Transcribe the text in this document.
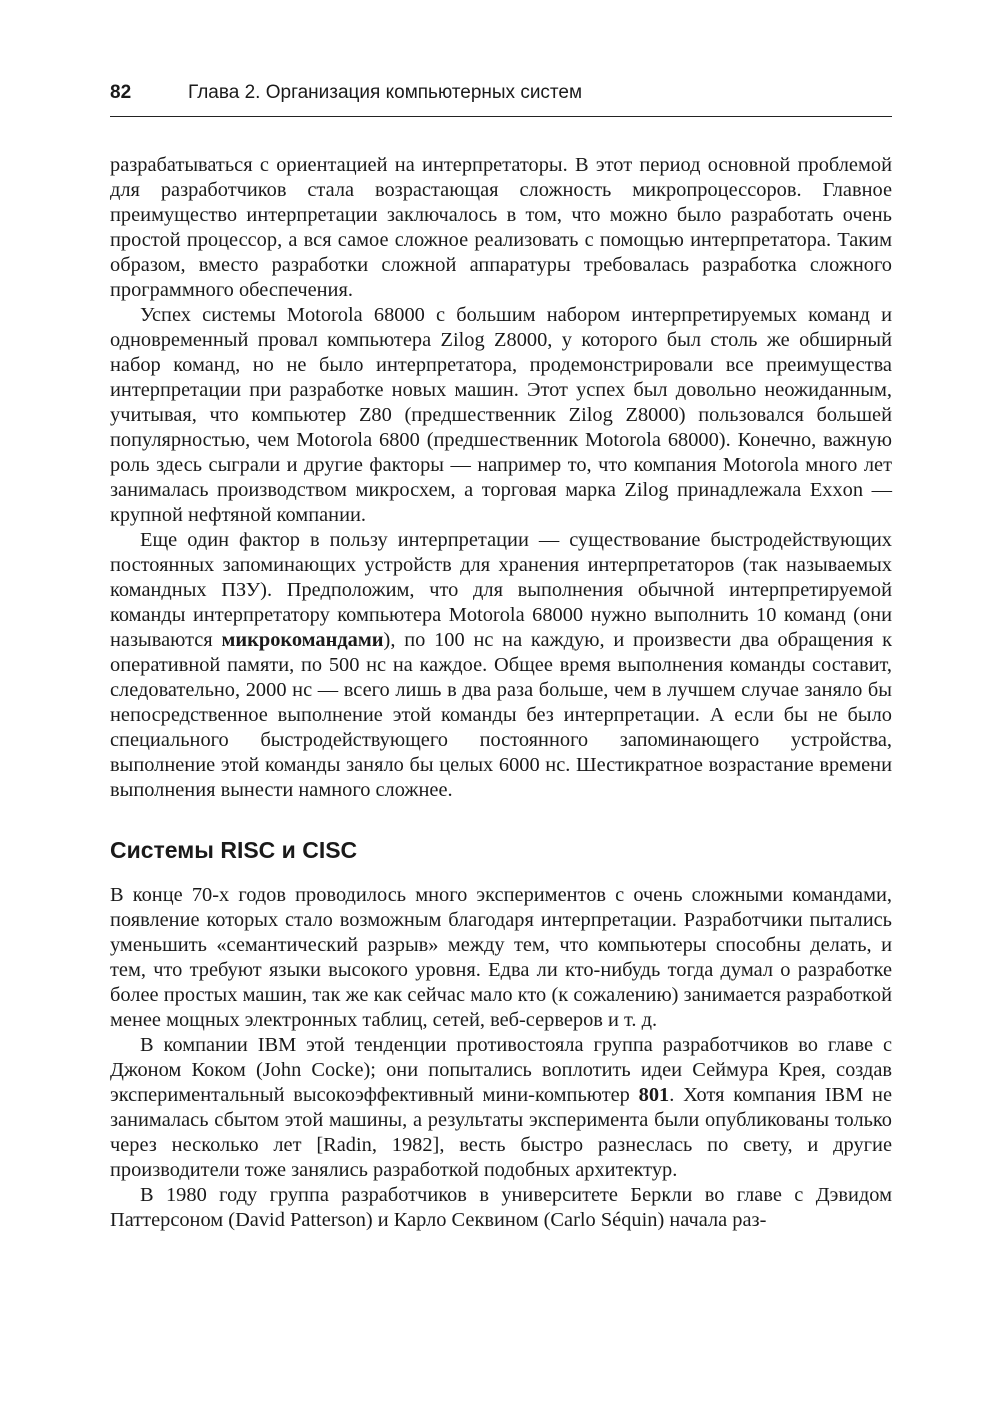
82	Глава 2. Организация компьютерных систем

разрабатываться с ориентацией на интерпретаторы. В этот период основной проблемой для разработчиков стала возрастающая сложность микропроцессоров. Главное преимущество интерпретации заключалось в том, что можно было разработать очень простой процессор, а вся самое сложное реализовать с помощью интерпретатора. Таким образом, вместо разработки сложной аппаратуры требовалась разработка сложного программного обеспечения.

Успех системы Motorola 68000 с большим набором интерпретируемых команд и одновременный провал компьютера Zilog Z8000, у которого был столь же обширный набор команд, но не было интерпретатора, продемонстрировали все преимущества интерпретации при разработке новых машин. Этот успех был довольно неожиданным, учитывая, что компьютер Z80 (предшественник Zilog Z8000) пользовался большей популярностью, чем Motorola 6800 (предшественник Motorola 68000). Конечно, важную роль здесь сыграли и другие факторы — например то, что компания Motorola много лет занималась производством микросхем, а торговая марка Zilog принадлежала Exxon — крупной нефтяной компании.

Еще один фактор в пользу интерпретации — существование быстродействующих постоянных запоминающих устройств для хранения интерпретаторов (так называемых командных ПЗУ). Предположим, что для выполнения обычной интерпретируемой команды интерпретатору компьютера Motorola 68000 нужно выполнить 10 команд (они называются микрокомандами), по 100 нс на каждую, и произвести два обращения к оперативной памяти, по 500 нс на каждое. Общее время выполнения команды составит, следовательно, 2000 нс — всего лишь в два раза больше, чем в лучшем случае заняло бы непосредственное выполнение этой команды без интерпретации. А если бы не было специального быстродействующего постоянного запоминающего устройства, выполнение этой команды заняло бы целых 6000 нс. Шестикратное возрастание времени выполнения вынести намного сложнее.

Системы RISC и CISC

В конце 70-х годов проводилось много экспериментов с очень сложными командами, появление которых стало возможным благодаря интерпретации. Разработчики пытались уменьшить «семантический разрыв» между тем, что компьютеры способны делать, и тем, что требуют языки высокого уровня. Едва ли кто-нибудь тогда думал о разработке более простых машин, так же как сейчас мало кто (к сожалению) занимается разработкой менее мощных электронных таблиц, сетей, веб-серверов и т. д.

В компании IBM этой тенденции противостояла группа разработчиков во главе с Джоном Коком (John Cocke); они попытались воплотить идеи Сеймура Крея, создав экспериментальный высокоэффективный мини-компьютер 801. Хотя компания IBM не занималась сбытом этой машины, а результаты эксперимента были опубликованы только через несколько лет [Radin, 1982], весть быстро разнеслась по свету, и другие производители тоже занялись разработкой подобных архитектур.

В 1980 году группа разработчиков в университете Беркли во главе с Дэвидом Паттерсоном (David Patterson) и Карло Секвином (Carlo Séquin) начала раз-
